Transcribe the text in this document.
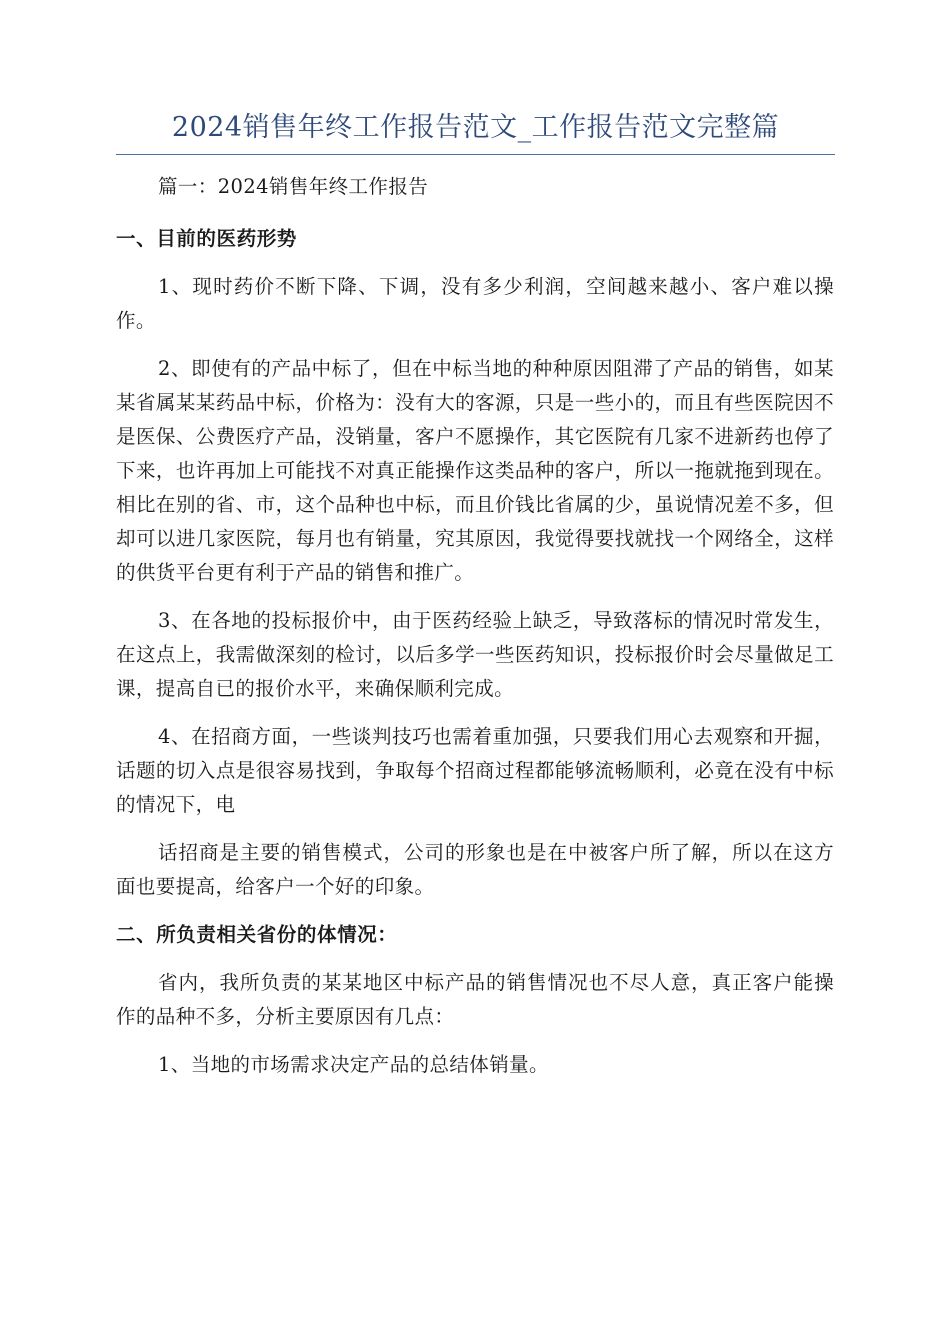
2024销售年终工作报告范文_工作报告范文完整篇

篇一：2024销售年终工作报告

一、目前的医药形势

1、现时药价不断下降、下调，没有多少利润，空间越来越小、客户难以操作。

2、即使有的产品中标了，但在中标当地的种种原因阻滞了产品的销售，如某某省属某某药品中标，价格为：没有大的客源，只是一些小的，而且有些医院因不是医保、公费医疗产品，没销量，客户不愿操作，其它医院有几家不进新药也停了下来，也许再加上可能找不对真正能操作这类品种的客户，所以一拖就拖到现在。相比在别的省、市，这个品种也中标，而且价钱比省属的少，虽说情况差不多，但却可以进几家医院，每月也有销量，究其原因，我觉得要找就找一个网络全，这样的供货平台更有利于产品的销售和推广。

3、在各地的投标报价中，由于医药经验上缺乏，导致落标的情况时常发生，在这点上，我需做深刻的检讨，以后多学一些医药知识，投标报价时会尽量做足工课，提高自已的报价水平，来确保顺利完成。

4、在招商方面，一些谈判技巧也需着重加强，只要我们用心去观察和开掘，话题的切入点是很容易找到，争取每个招商过程都能够流畅顺利，必竟在没有中标的情况下，电

话招商是主要的销售模式，公司的形象也是在中被客户所了解，所以在这方面也要提高，给客户一个好的印象。

二、所负责相关省份的体情况：

省内，我所负责的某某地区中标产品的销售情况也不尽人意，真正客户能操作的品种不多，分析主要原因有几点：

1、当地的市场需求决定产品的总结体销量。
